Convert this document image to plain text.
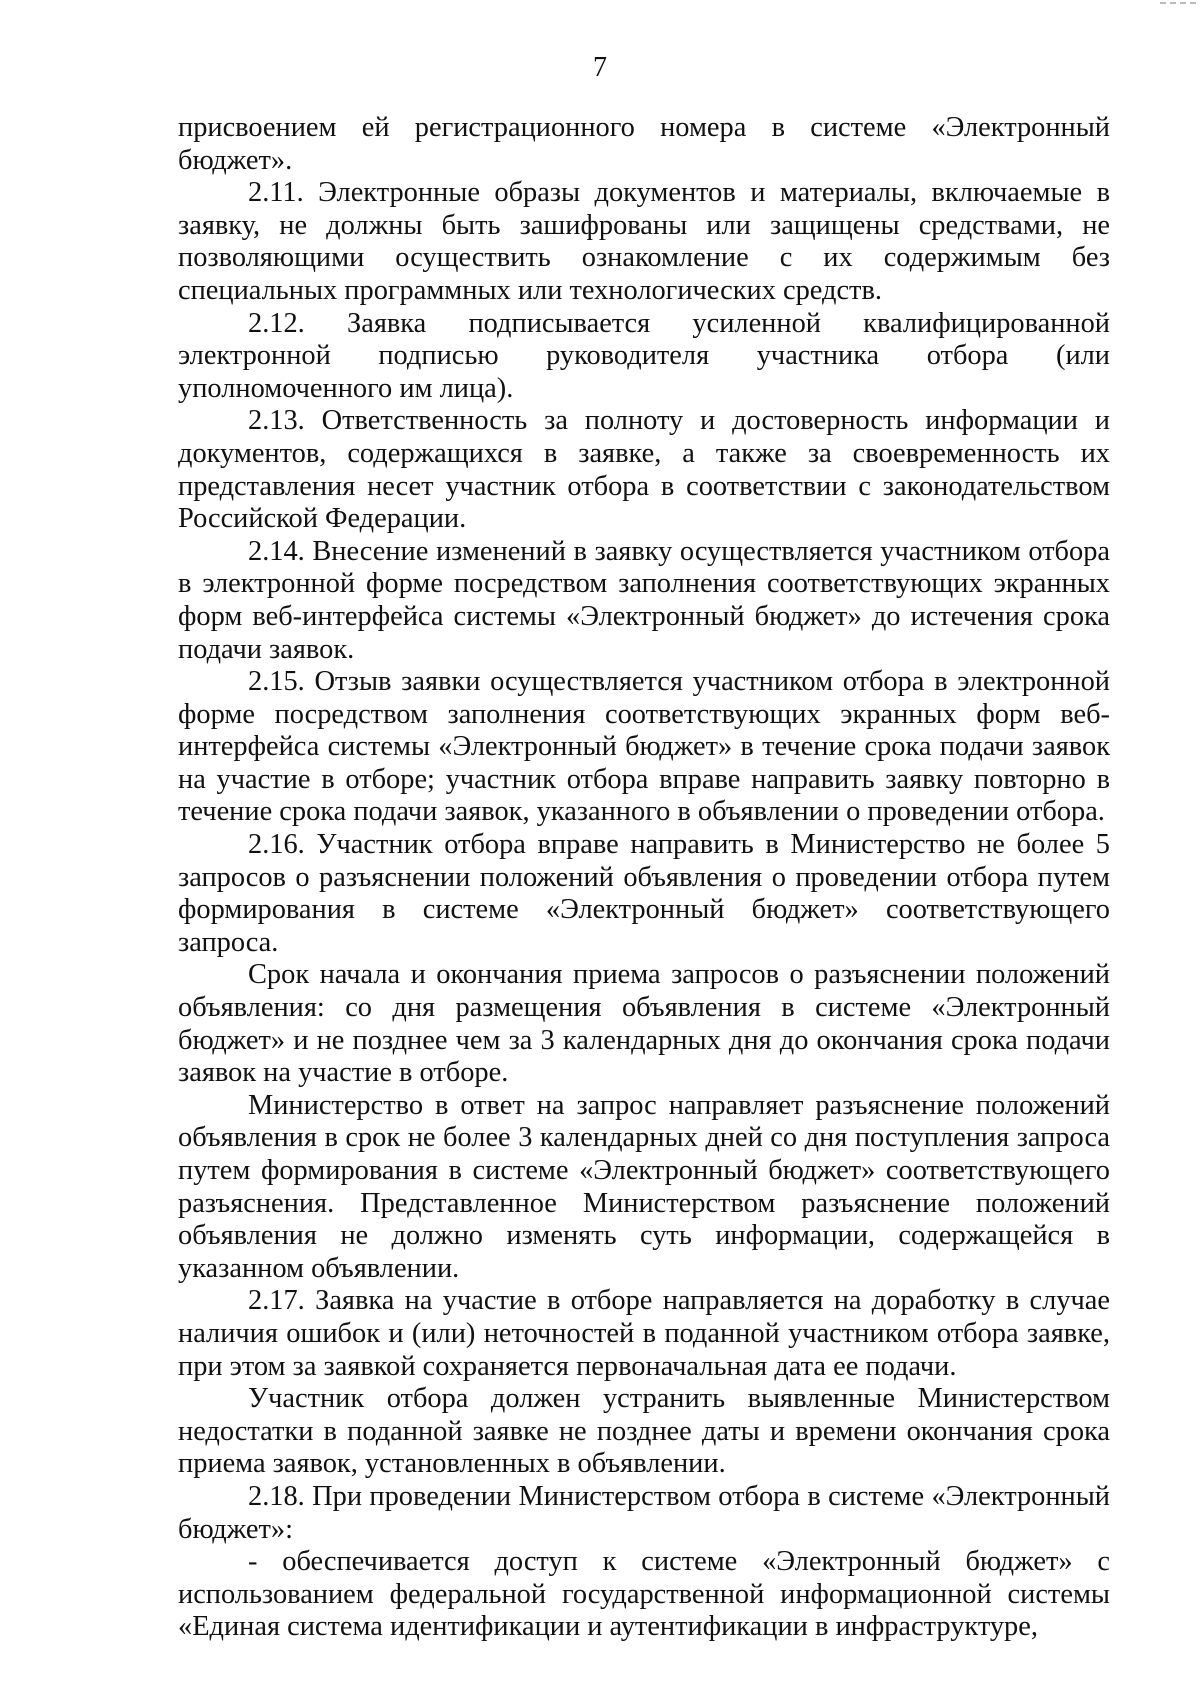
7

присвоением ей регистрационного номера в системе «Электронный бюджет».

2.11. Электронные образы документов и материалы, включаемые в заявку, не должны быть зашифрованы или защищены средствами, не позволяющими осуществить ознакомление с их содержимым без специальных программных или технологических средств.

2.12. Заявка подписывается усиленной квалифицированной электронной подписью руководителя участника отбора (или уполномоченного им лица).

2.13. Ответственность за полноту и достоверность информации и документов, содержащихся в заявке, а также за своевременность их представления несет участник отбора в соответствии с законодательством Российской Федерации.

2.14. Внесение изменений в заявку осуществляется участником отбора в электронной форме посредством заполнения соответствующих экранных форм веб-интерфейса системы «Электронный бюджет» до истечения срока подачи заявок.

2.15. Отзыв заявки осуществляется участником отбора в электронной форме посредством заполнения соответствующих экранных форм веб-интерфейса системы «Электронный бюджет» в течение срока подачи заявок на участие в отборе; участник отбора вправе направить заявку повторно в течение срока подачи заявок, указанного в объявлении о проведении отбора.

2.16. Участник отбора вправе направить в Министерство не более 5 запросов о разъяснении положений объявления о проведении отбора путем формирования в системе «Электронный бюджет» соответствующего запроса.

Срок начала и окончания приема запросов о разъяснении положений объявления: со дня размещения объявления в системе «Электронный бюджет» и не позднее чем за 3 календарных дня до окончания срока подачи заявок на участие в отборе.

Министерство в ответ на запрос направляет разъяснение положений объявления в срок не более 3 календарных дней со дня поступления запроса путем формирования в системе «Электронный бюджет» соответствующего разъяснения. Представленное Министерством разъяснение положений объявления не должно изменять суть информации, содержащейся в указанном объявлении.

2.17. Заявка на участие в отборе направляется на доработку в случае наличия ошибок и (или) неточностей в поданной участником отбора заявке, при этом за заявкой сохраняется первоначальная дата ее подачи.

Участник отбора должен устранить выявленные Министерством недостатки в поданной заявке не позднее даты и времени окончания срока приема заявок, установленных в объявлении.

2.18. При проведении Министерством отбора в системе «Электронный бюджет»:

- обеспечивается доступ к системе «Электронный бюджет» с использованием федеральной государственной информационной системы «Единая система идентификации и аутентификации в инфраструктуре,
